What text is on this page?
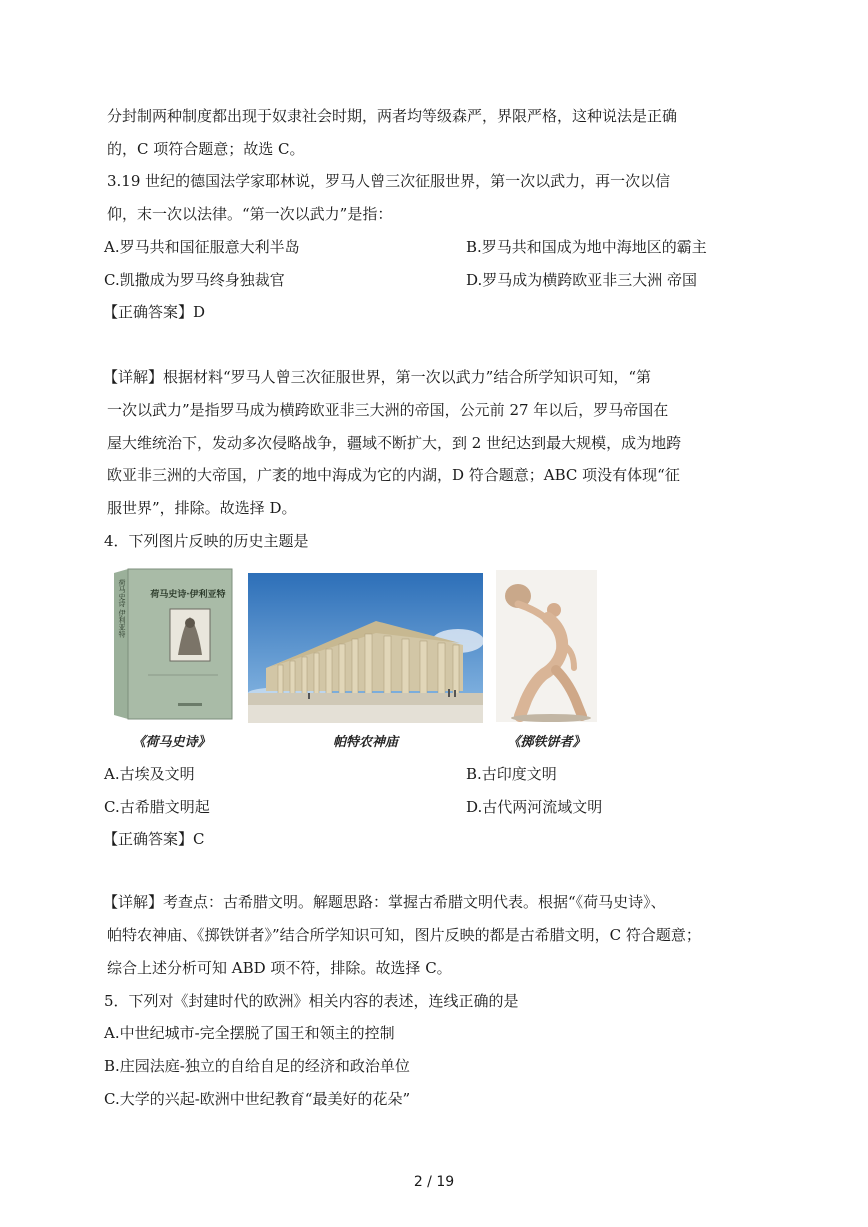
分封制两种制度都出现于奴隶社会时期，两者均等级森严，界限严格，这种说法是正确
的，C 项符合题意；故选 C。
3.19 世纪的德国法学家耶林说，罗马人曾三次征服世界，第一次以武力，再一次以信
仰，末一次以法律。“第一次以武力”是指：
A.罗马共和国征服意大利半岛	B.罗马共和国成为地中海地区的霸主
C.凯撒成为罗马终身独裁官	D.罗马成为横跨欧亚非三大洲 帝国
【正确答案】D
【详解】根据材料“罗马人曾三次征服世界，第一次以武力”结合所学知识可知，“第
一次以武力”是指罗马成为横跨欧亚非三大洲的帝国，公元前 27 年以后，罗马帝国在
屋大维统治下，发动多次侵略战争，疆域不断扩大，到 2 世纪达到最大规模，成为地跨
欧亚非三洲的大帝国，广袤的地中海成为它的内湖，D 符合题意；ABC 项没有体现“征
服世界”，排除。故选择 D。
4．下列图片反映的历史主题是
荷马史诗·伊利亚特
荷马史诗 伊利亚特
《荷马史诗》	帕特农神庙	《掷铁饼者》
A.古埃及文明	B.古印度文明
C.古希腊文明起	D.古代两河流域文明
【正确答案】C
【详解】考查点：古希腊文明。解题思路：掌握古希腊文明代表。根据“《荷马史诗》、
帕特农神庙、《掷铁饼者》”结合所学知识可知，图片反映的都是古希腊文明，C 符合题意；
综合上述分析可知 ABD 项不符，排除。故选择 C。
5．下列对《封建时代的欧洲》相关内容的表述，连线正确的是
A.中世纪城市-完全摆脱了国王和领主的控制
B.庄园法庭-独立的自给自足的经济和政治单位
C.大学的兴起-欧洲中世纪教育“最美好的花朵”
2 / 19
